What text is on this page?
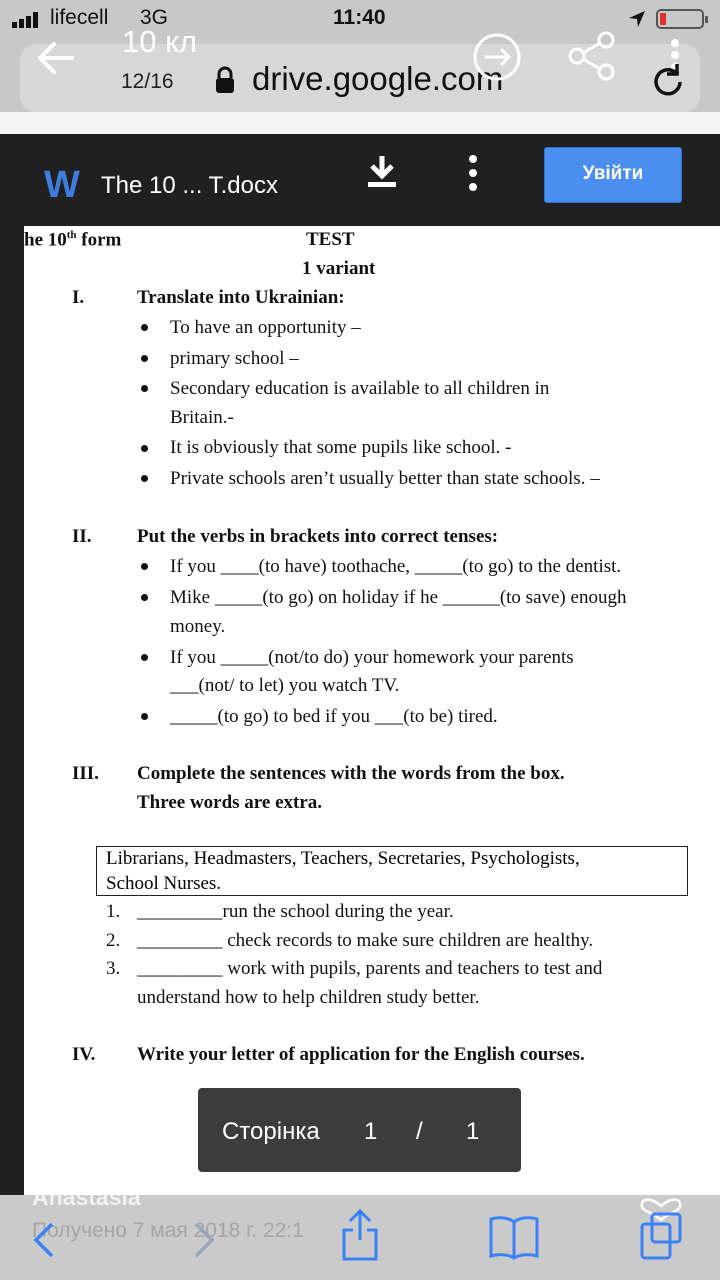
lifecell 3G	11:40
10 кл
12/16 drive.google.com
he 10th form	TEST
1 variant
I.	Translate into Ukrainian:
To have an opportunity –
primary school –
Secondary education is available to all children in
Britain.-
It is obviously that some pupils like school. -
Private schools aren’t usually better than state schools. –
II. Put the verbs in brackets into correct tenses:
If you ____(to have) toothache, _____(to go) to the dentist.
Mike _____(to go) on holiday if he ______(to save) enough
money.
If you _____(not/to do) your homework your parents
___(not/ to let) you watch TV.
_____(to go) to bed if you ___(to be) tired.
III. Complete the sentences with the words from the box.
Three words are extra.
1. _________run the school during the year.
2. _________ check records to make sure children are healthy.
3. _________ work with pupils, parents and teachers to test and
understand how to help children study better.
IV. Write your letter of application for the English courses.
Librarians, Headmasters, Teachers, Secretaries, Psychologists,
School Nurses.
W The 10 ... T.docx	Увійти
Сторінка 1 / 1
Anastasia
Получено 7 мая 2018 г. 22:1
